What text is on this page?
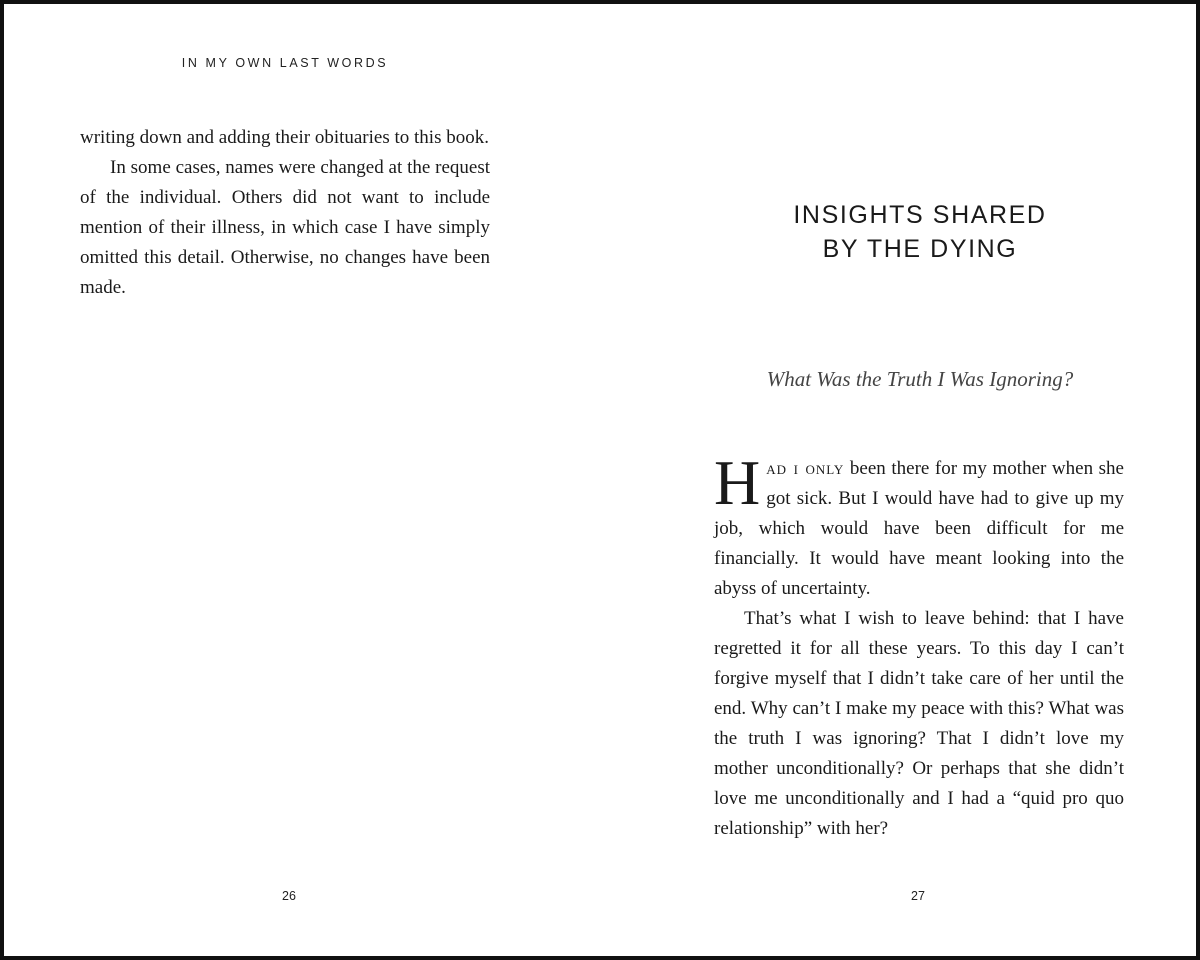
IN MY OWN LAST WORDS

writing down and adding their obituaries to this book.

In some cases, names were changed at the request of the individual. Others did not want to include mention of their illness, in which case I have simply omitted this detail. Otherwise, no changes have been made.

26
INSIGHTS SHARED
BY THE DYING
What Was the Truth I Was Ignoring?

Had i only been there for my mother when she got sick. But I would have had to give up my job, which would have been difficult for me financially. It would have meant looking into the abyss of uncertainty.

That’s what I wish to leave behind: that I have regretted it for all these years. To this day I can’t forgive myself that I didn’t take care of her until the end. Why can’t I make my peace with this? What was the truth I was ignoring? That I didn’t love my mother unconditionally? Or perhaps that she didn’t love me unconditionally and I had a “quid pro quo relationship” with her?

27
